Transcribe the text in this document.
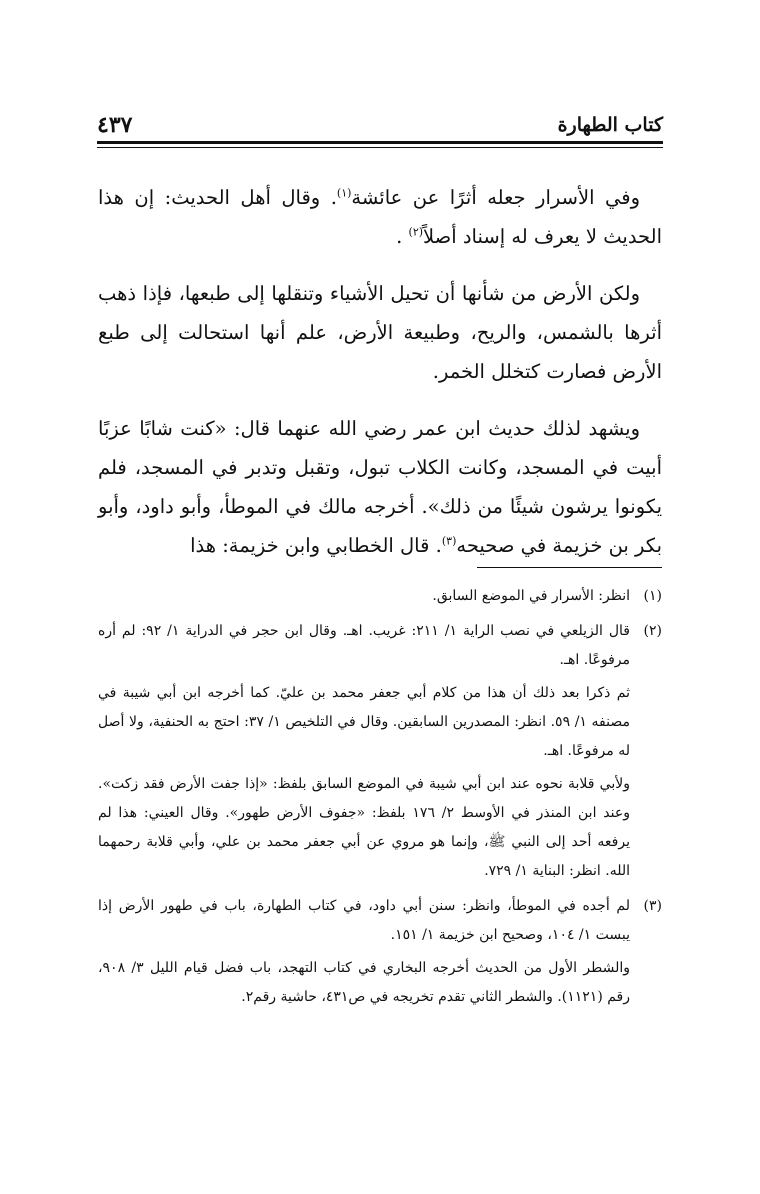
كتاب الطهارة
٤٣٧

وفي الأسرار جعله أثرًا عن عائشة$^{(١)}$. وقال أهل الحديث: إن هذا الحديث لا يعرف له إسناد أصلاً$^{(٢)}$ .

ولكن الأرض من شأنها أن تحيل الأشياء وتنقلها إلى طبعها، فإذا ذهب أثرها بالشمس، والريح، وطبيعة الأرض، علم أنها استحالت إلى طبع الأرض فصارت كتخلل الخمر.

ويشهد لذلك حديث ابن عمر رضي الله عنهما قال: «كنت شابًا عزبًا أبيت في المسجد، وكانت الكلاب تبول، وتقبل وتدبر في المسجد، فلم يكونوا يرشون شيئًا من ذلك». أخرجه مالك في الموطأ، وأبو داود، وأبو بكر بن خزيمة في صحيحه$^{(٣)}$. قال الخطابي وابن خزيمة: هذا

(١)

انظر: الأسرار في الموضع السابق.

(٢)

قال الزيلعي في نصب الراية ١/ ٢١١: غريب. اهـ. وقال ابن حجر في الدراية ١/ ٩٢: لم أره مرفوعًا. اهـ.

ثم ذكرا بعد ذلك أن هذا من كلام أبي جعفر محمد بن عليّ. كما أخرجه ابن أبي شيبة في مصنفه ١/ ٥٩. انظر: المصدرين السابقين. وقال في التلخيص ١/ ٣٧: احتج به الحنفية، ولا أصل له مرفوعًا. اهـ.

ولأبي قلابة نحوه عند ابن أبي شيبة في الموضع السابق بلفظ: «إذا جفت الأرض فقد زكت». وعند ابن المنذر في الأوسط ٢/ ١٧٦ بلفظ: «جفوف الأرض طهور». وقال العيني: هذا لم يرفعه أحد إلى النبي ﷺ، وإنما هو مروي عن أبي جعفر محمد بن علي، وأبي قلابة رحمهما الله. انظر: البناية ١/ ٧٢٩.

(٣)

لم أجده في الموطأ، وانظر: سنن أبي داود، في كتاب الطهارة، باب في طهور الأرض إذا يبست ١/ ١٠٤، وصحيح ابن خزيمة ١/ ١٥١.

والشطر الأول من الحديث أخرجه البخاري في كتاب التهجد، باب فضل قيام الليل ٣/ ٩٠٨، رقم (١١٢١). والشطر الثاني تقدم تخريجه في ص٤٣١، حاشية رقم٢.
